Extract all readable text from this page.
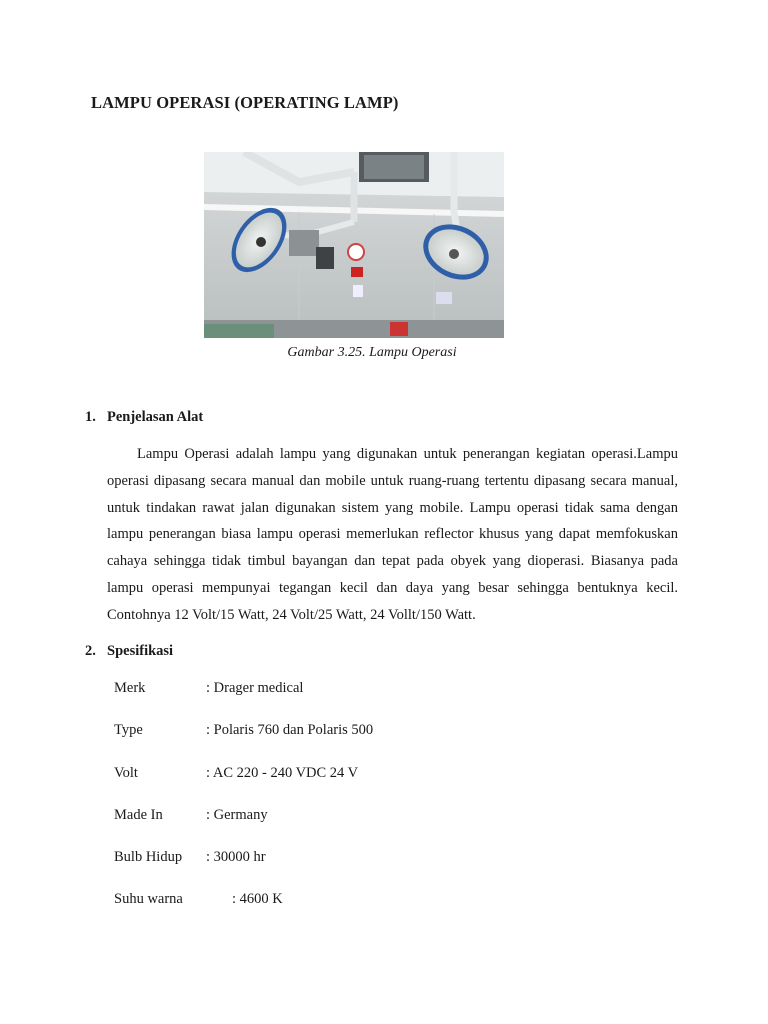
LAMPU OPERASI (OPERATING LAMP)
Gambar 3.25. Lampu Operasi
1. Penjelasan Alat
Lampu Operasi adalah lampu yang digunakan untuk penerangan kegiatan operasi.Lampu operasi dipasang secara manual dan mobile untuk ruang-ruang tertentu dipasang secara manual, untuk tindakan rawat jalan digunakan sistem yang mobile. Lampu operasi tidak sama dengan lampu penerangan biasa lampu operasi memerlukan reflector khusus yang dapat memfokuskan cahaya sehingga tidak timbul bayangan dan tepat pada obyek yang dioperasi. Biasanya pada lampu operasi mempunyai tegangan kecil dan daya yang besar sehingga bentuknya kecil. Contohnya 12 Volt/15 Watt, 24 Volt/25 Watt, 24 Vollt/150 Watt.
2. Spesifikasi
Merk	: Drager medical
Type	: Polaris 760 dan Polaris 500
Volt	: AC 220 - 240 VDC 24 V
Made In	: Germany
Bulb Hidup : 30000 hr
Suhu warna	: 4600 K
